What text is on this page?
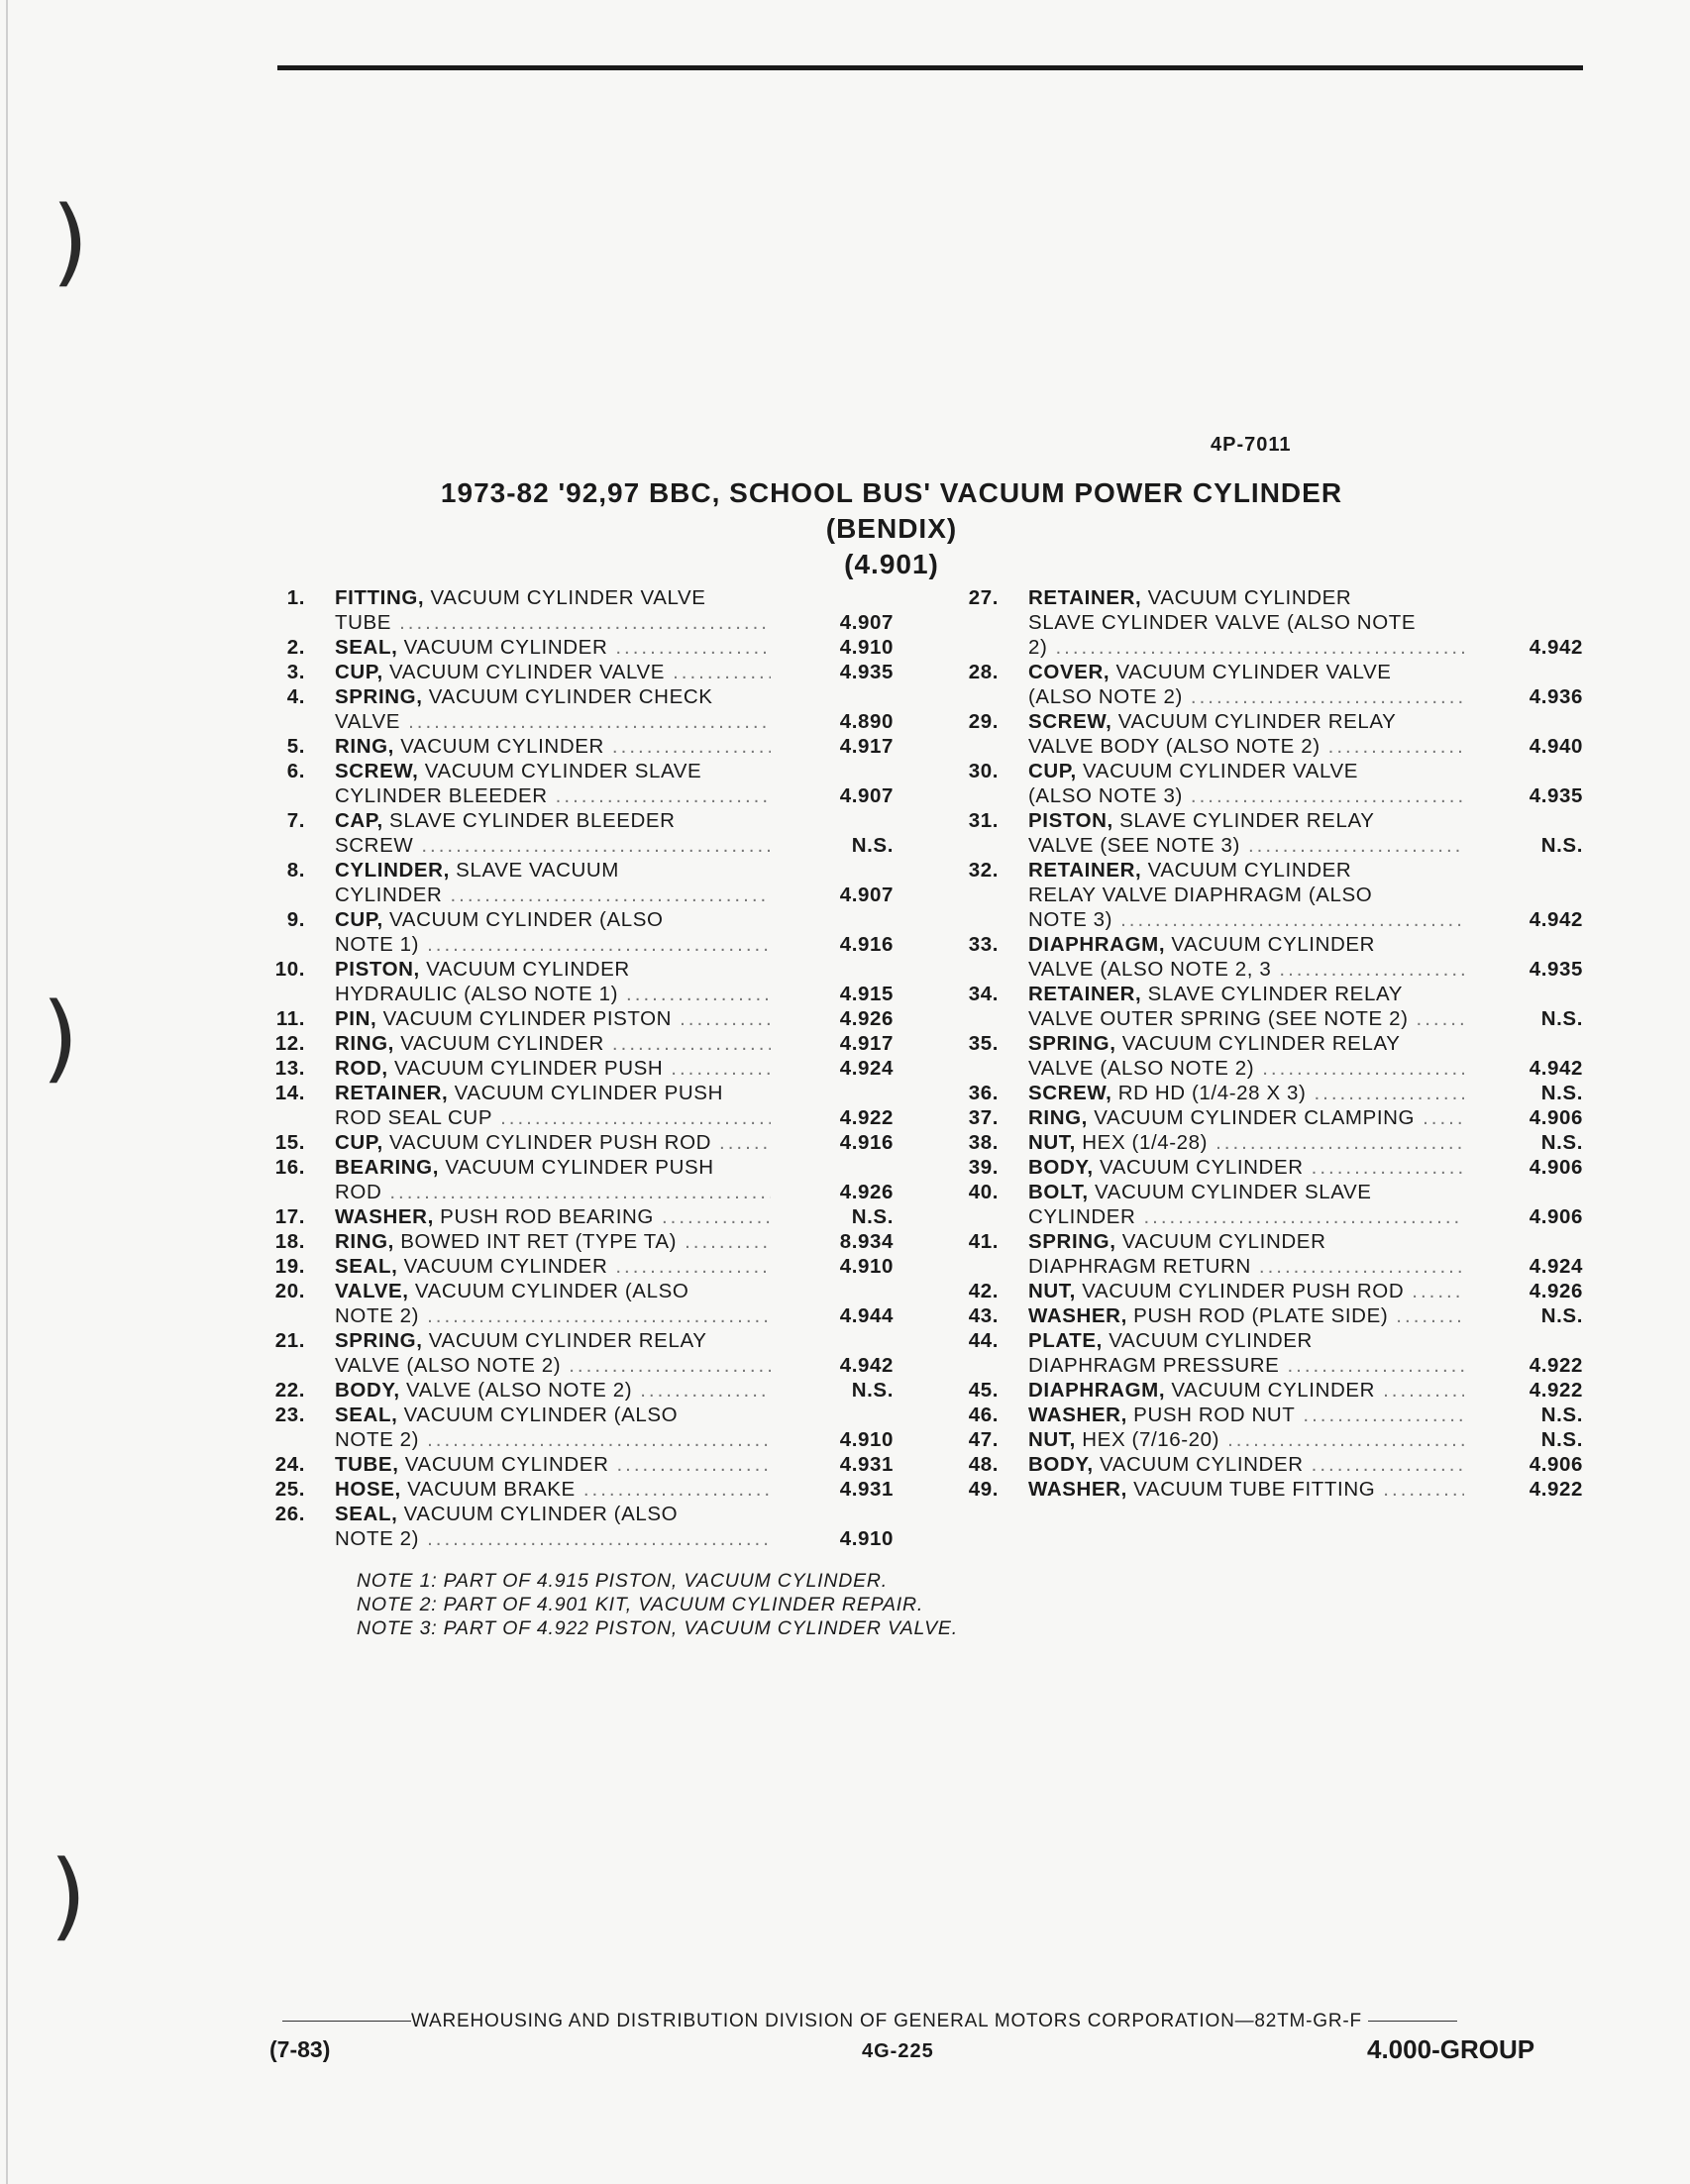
)
)
)
4P-7011
1973-82 '92,97 BBC, SCHOOL BUS' VACUUM POWER CYLINDER
(BENDIX)
(4.901)
1. FITTING, VACUUM CYLINDER VALVE
TUBE .....	4.907
2. SEAL, VACUUM CYLINDER .....	4.910
3. CUP, VACUUM CYLINDER VALVE .....	4.935
4. SPRING, VACUUM CYLINDER CHECK
VALVE .....	4.890
5. RING, VACUUM CYLINDER .....	4.917
6. SCREW, VACUUM CYLINDER SLAVE
CYLINDER BLEEDER .....	4.907
7. CAP, SLAVE CYLINDER BLEEDER
SCREW .....	N.S.
8. CYLINDER, SLAVE VACUUM
CYLINDER .....	4.907
9. CUP, VACUUM CYLINDER (ALSO
NOTE 1) .....	4.916
10. PISTON, VACUUM CYLINDER
HYDRAULIC (ALSO NOTE 1) .....	4.915
11. PIN, VACUUM CYLINDER PISTON .....	4.926
12. RING, VACUUM CYLINDER .....	4.917
13. ROD, VACUUM CYLINDER PUSH .....	4.924
14. RETAINER, VACUUM CYLINDER PUSH
ROD SEAL CUP .....	4.922
15. CUP, VACUUM CYLINDER PUSH ROD .....	4.916
16. BEARING, VACUUM CYLINDER PUSH
ROD .....	4.926
17. WASHER, PUSH ROD BEARING .....	N.S.
18. RING, BOWED INT RET (TYPE TA) .....	8.934
19. SEAL, VACUUM CYLINDER .....	4.910
20. VALVE, VACUUM CYLINDER (ALSO
NOTE 2) .....	4.944
21. SPRING, VACUUM CYLINDER RELAY
VALVE (ALSO NOTE 2) .....	4.942
22. BODY, VALVE (ALSO NOTE 2) .....	N.S.
23. SEAL, VACUUM CYLINDER (ALSO
NOTE 2) .....	4.910
24. TUBE, VACUUM CYLINDER .....	4.931
25. HOSE, VACUUM BRAKE .....	4.931
26. SEAL, VACUUM CYLINDER (ALSO
NOTE 2) .....	4.910
27. RETAINER, VACUUM CYLINDER
SLAVE CYLINDER VALVE (ALSO NOTE
2) .....	4.942
28. COVER, VACUUM CYLINDER VALVE
(ALSO NOTE 2) .....	4.936
29. SCREW, VACUUM CYLINDER RELAY
VALVE BODY (ALSO NOTE 2) .....	4.940
30. CUP, VACUUM CYLINDER VALVE
(ALSO NOTE 3) .....	4.935
31. PISTON, SLAVE CYLINDER RELAY
VALVE (SEE NOTE 3) .....	N.S.
32. RETAINER, VACUUM CYLINDER
RELAY VALVE DIAPHRAGM (ALSO
NOTE 3) .....	4.942
33. DIAPHRAGM, VACUUM CYLINDER
VALVE (ALSO NOTE 2, 3 .....	4.935
34. RETAINER, SLAVE CYLINDER RELAY
VALVE OUTER SPRING (SEE NOTE 2) .....	N.S.
35. SPRING, VACUUM CYLINDER RELAY
VALVE (ALSO NOTE 2) .....	4.942
36. SCREW, RD HD (1/4-28 X 3) .....	N.S.
37. RING, VACUUM CYLINDER CLAMPING .....	4.906
38. NUT, HEX (1/4-28) .....	N.S.
39. BODY, VACUUM CYLINDER .....	4.906
40. BOLT, VACUUM CYLINDER SLAVE
CYLINDER .....	4.906
41. SPRING, VACUUM CYLINDER
DIAPHRAGM RETURN .....	4.924
42. NUT, VACUUM CYLINDER PUSH ROD .....	4.926
43. WASHER, PUSH ROD (PLATE SIDE) .....	N.S.
44. PLATE, VACUUM CYLINDER
DIAPHRAGM PRESSURE .....	4.922
45. DIAPHRAGM, VACUUM CYLINDER .....	4.922
46. WASHER, PUSH ROD NUT .....	N.S.
47. NUT, HEX (7/16-20) .....	N.S.
48. BODY, VACUUM CYLINDER .....	4.906
49. WASHER, VACUUM TUBE FITTING .....	4.922
NOTE 1: PART OF 4.915 PISTON, VACUUM CYLINDER.
NOTE 2: PART OF 4.901 KIT, VACUUM CYLINDER REPAIR.
NOTE 3: PART OF 4.922 PISTON, VACUUM CYLINDER VALVE.
WAREHOUSING AND DISTRIBUTION DIVISION OF GENERAL MOTORS CORPORATION—82TM-GR-F
(7-83)	4G-225	4.000-GROUP
